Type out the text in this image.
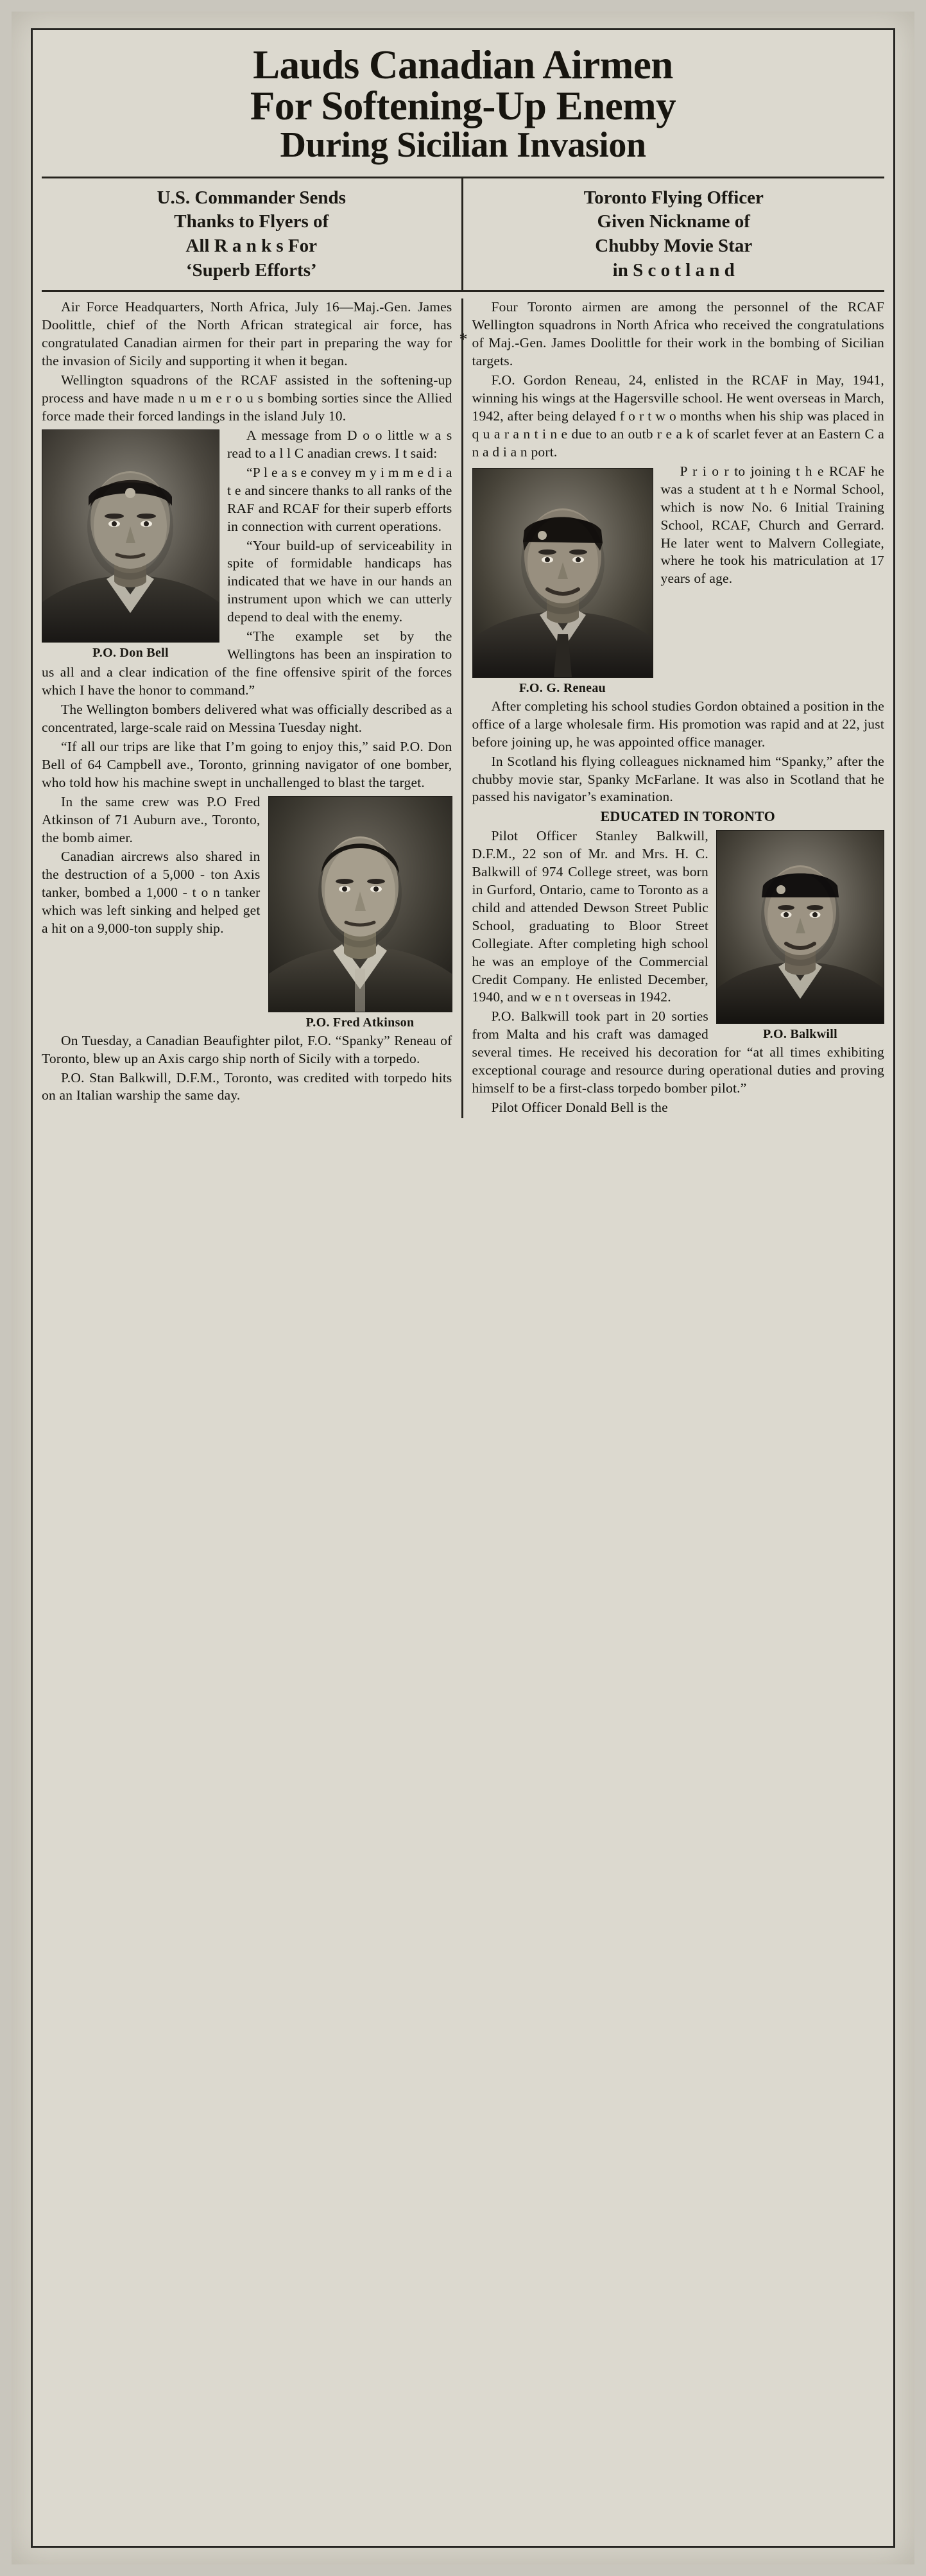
Lauds Canadian Airmen
For Softening-Up Enemy
During Sicilian Invasion
*
U.S. Commander Sends
Thanks to Flyers of
All R a n k s For
‘Superb Efforts’
Toronto Flying Officer
Given Nickname of
Chubby Movie Star
in S c o t l a n d

Air Force Headquarters, North Africa, July 16—Maj.-Gen. James Doolittle, chief of the North African strategical air force, has congratulated Canadian airmen for their part in preparing the way for the invasion of Sicily and supporting it when it began.

Wellington squadrons of the RCAF assisted in the softening-up process and have made n u m e r o u s bombing sorties since the Allied force made their forced landings in the island July 10.

P.O. Don Bell

A message from D o o little w a s read to a l l C anadian crews. I t said:

“P l e a s e convey m y i m m e d i a t e and sincere thanks to all ranks of the RAF and RCAF for their superb efforts in connection with current operations.

“Your build-up of serviceability in spite of formidable handicaps has indicated that we have in our hands an instrument upon which we can utterly depend to deal with the enemy.

“The example set by the Wellingtons has been an inspiration to us all and a clear indication of the fine offensive spirit of the forces which I have the honor to command.”

The Wellington bombers delivered what was officially described as a concentrated, large-scale raid on Messina Tuesday night.

“If all our trips are like that I’m going to enjoy this,” said P.O. Don Bell of 64 Campbell ave., Toronto, grinning navigator of one bomber, who told how his machine swept in unchallenged to blast the target.

P.O. Fred Atkinson

In the same crew was P.O Fred Atkinson of 71 Auburn ave., Toronto, the bomb aimer.

Canadian aircrews also shared in the destruction of a 5,000 - ton Axis tanker, bombed a 1,000 - t o n tanker which was left sinking and helped get a hit on a 9,000-ton supply ship.

On Tuesday, a Canadian Beaufighter pilot, F.O. “Spanky” Reneau of Toronto, blew up an Axis cargo ship north of Sicily with a torpedo.

P.O. Stan Balkwill, D.F.M., Toronto, was credited with torpedo hits on an Italian warship the same day.

Four Toronto airmen are among the personnel of the RCAF Wellington squadrons in North Africa who received the congratulations of Maj.-Gen. James Doolittle for their work in the bombing of Sicilian targets.

F.O. Gordon Reneau, 24, enlisted in the RCAF in May, 1941, winning his wings at the Hagersville school. He went overseas in March, 1942, after being delayed f o r t w o months when his ship was placed in q u a r a n t i n e due to an outb r e a k of scarlet fever at an Eastern C a n a d i a n port.

F.O. G. Reneau

P r i o r to joining t h e RCAF he was a student at t h e Normal School, which is now No. 6 Initial Training School, RCAF, Church and Gerrard. He later went to Malvern Collegiate, where he took his matriculation at 17 years of age.

After completing his school studies Gordon obtained a position in the office of a large wholesale firm. His promotion was rapid and at 22, just before joining up, he was appointed office manager.

In Scotland his flying colleagues nicknamed him “Spanky,” after the chubby movie star, Spanky McFarlane. It was also in Scotland that he passed his navigator’s examination.

EDUCATED IN TORONTO

P.O. Balkwill

Pilot Officer Stanley Balkwill, D.F.M., 22 son of Mr. and Mrs. H. C. Balkwill of 974 College street, was born in Gurford, Ontario, came to Toronto as a child and attended Dewson Street Public School, graduating to Bloor Street Collegiate. After completing high school he was an employe of the Commercial Credit Company. He enlisted December, 1940, and w e n t overseas in 1942.

P.O. Balkwill took part in 20 sorties from Malta and his craft was damaged several times. He received his decoration for “at all times exhibiting exceptional courage and resource during operational duties and proving himself to be a first-class torpedo bomber pilot.”

Pilot Officer Donald Bell is the
